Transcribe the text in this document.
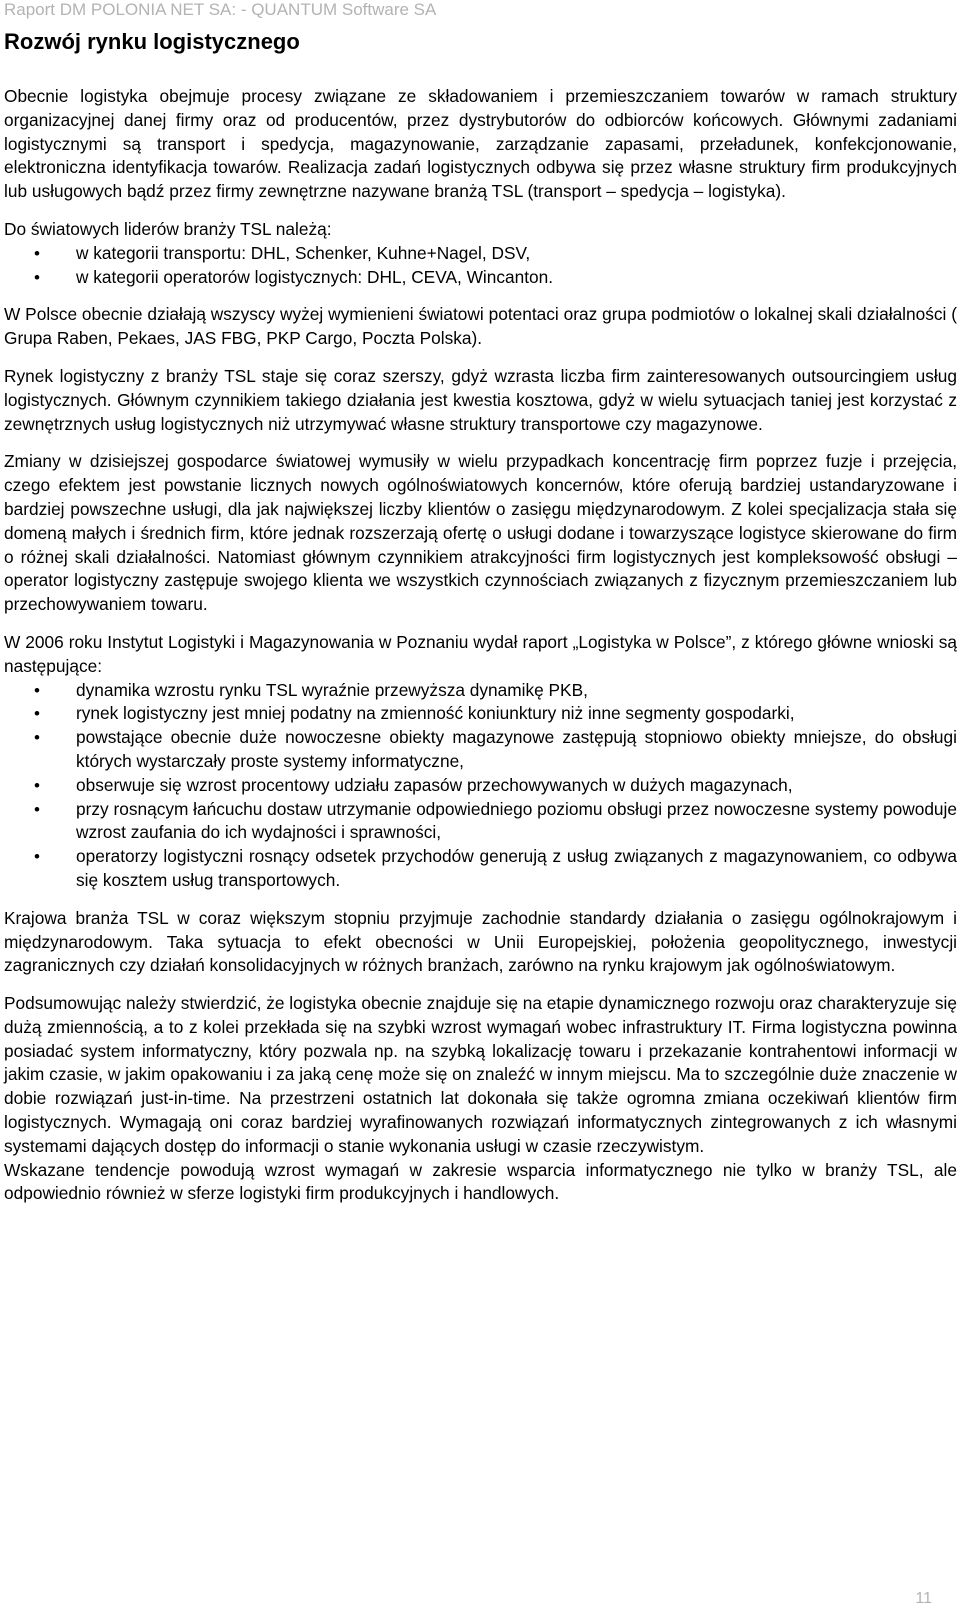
Raport DM POLONIA NET SA: - QUANTUM Software SA
Rozwój rynku logistycznego

Obecnie logistyka obejmuje procesy związane ze składowaniem i przemieszczaniem towarów w ramach struktury organizacyjnej danej firmy oraz od producentów, przez dystrybutorów do odbiorców końcowych. Głównymi zadaniami logistycznymi są transport i spedycja, magazynowanie, zarządzanie zapasami, przeładunek, konfekcjonowanie, elektroniczna identyfikacja towarów. Realizacja zadań logistycznych odbywa się przez własne struktury firm produkcyjnych lub usługowych bądź przez firmy zewnętrzne nazywane branżą TSL (transport – spedycja – logistyka).

Do światowych liderów branży TSL należą:

• w kategorii transportu: DHL, Schenker, Kuhne+Nagel, DSV,
• w kategorii operatorów logistycznych: DHL, CEVA, Wincanton.

W Polsce obecnie działają wszyscy wyżej wymienieni światowi potentaci oraz grupa podmiotów o lokalnej skali działalności ( Grupa Raben, Pekaes, JAS FBG, PKP Cargo, Poczta Polska).

Rynek logistyczny z branży TSL staje się coraz szerszy, gdyż wzrasta liczba firm zainteresowanych outsourcingiem usług logistycznych. Głównym czynnikiem takiego działania jest kwestia kosztowa, gdyż w wielu sytuacjach taniej jest korzystać z zewnętrznych usług logistycznych niż utrzymywać własne struktury transportowe czy magazynowe.

Zmiany w dzisiejszej gospodarce światowej wymusiły w wielu przypadkach koncentrację firm poprzez fuzje i przejęcia, czego efektem jest powstanie licznych nowych ogólnoświatowych koncernów, które oferują bardziej ustandaryzowane i bardziej powszechne usługi, dla jak największej liczby klientów o zasięgu międzynarodowym. Z kolei specjalizacja stała się domeną małych i średnich firm, które jednak rozszerzają ofertę o usługi dodane i towarzyszące logistyce skierowane do firm o różnej skali działalności. Natomiast głównym czynnikiem atrakcyjności firm logistycznych jest kompleksowość obsługi – operator logistyczny zastępuje swojego klienta we wszystkich czynnościach związanych z fizycznym przemieszczaniem lub przechowywaniem towaru.

W 2006 roku Instytut Logistyki i Magazynowania w Poznaniu wydał raport „Logistyka w Polsce”, z którego główne wnioski są następujące:

• dynamika wzrostu rynku TSL wyraźnie przewyższa dynamikę PKB,
• rynek logistyczny jest mniej podatny na zmienność koniunktury niż inne segmenty gospodarki,
• powstające obecnie duże nowoczesne obiekty magazynowe zastępują stopniowo obiekty mniejsze, do obsługi których wystarczały proste systemy informatyczne,
• obserwuje się wzrost procentowy udziału zapasów przechowywanych w dużych magazynach,
• przy rosnącym łańcuchu dostaw utrzymanie odpowiedniego poziomu obsługi przez nowoczesne systemy powoduje wzrost zaufania do ich wydajności i sprawności,
• operatorzy logistyczni rosnący odsetek przychodów generują z usług związanych z magazynowaniem, co odbywa się kosztem usług transportowych.

Krajowa branża TSL w coraz większym stopniu przyjmuje zachodnie standardy działania o zasięgu ogólnokrajowym i międzynarodowym. Taka sytuacja to efekt obecności w Unii Europejskiej, położenia geopolitycznego, inwestycji zagranicznych czy działań konsolidacyjnych w różnych branżach, zarówno na rynku krajowym jak ogólnoświatowym.

Podsumowując należy stwierdzić, że logistyka obecnie znajduje się na etapie dynamicznego rozwoju oraz charakteryzuje się dużą zmiennością, a to z kolei przekłada się na szybki wzrost wymagań wobec infrastruktury IT. Firma logistyczna powinna posiadać system informatyczny, który pozwala np. na szybką lokalizację towaru i przekazanie kontrahentowi informacji w jakim czasie, w jakim opakowaniu i za jaką cenę może się on znaleźć w innym miejscu. Ma to szczególnie duże znaczenie w dobie rozwiązań just-in-time. Na przestrzeni ostatnich lat dokonała się także ogromna zmiana oczekiwań klientów firm logistycznych. Wymagają oni coraz bardziej wyrafinowanych rozwiązań informatycznych zintegrowanych z ich własnymi systemami dających dostęp do informacji o stanie wykonania usługi w czasie rzeczywistym.

Wskazane tendencje powodują wzrost wymagań w zakresie wsparcia informatycznego nie tylko w branży TSL, ale odpowiednio również w sferze logistyki firm produkcyjnych i handlowych.

11
